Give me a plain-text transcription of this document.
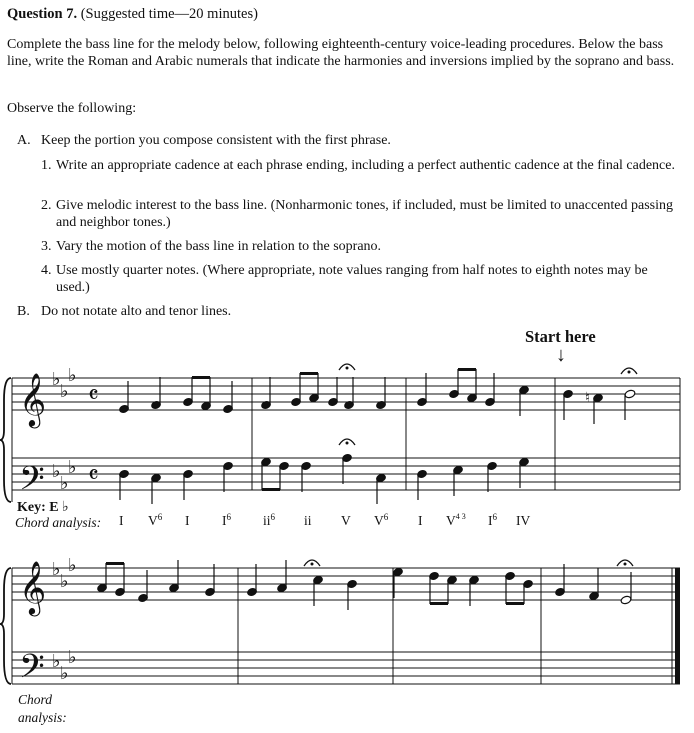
Question 7. (Suggested time—20 minutes)
Complete the bass line for the melody below, following eighteenth-century voice-leading procedures. Below the bass line, write the Roman and Arabic numerals that indicate the harmonies and inversions implied by the soprano and bass.
Observe the following:
A. Keep the portion you compose consistent with the first phrase.
1. Write an appropriate cadence at each phrase ending, including a perfect authentic cadence at the final cadence.
2. Give melodic interest to the bass line. (Nonharmonic tones, if included, must be limited to unaccented passing and neighbor tones.)
3. Vary the motion of the bass line in relation to the soprano.
4. Use mostly quarter notes. (Where appropriate, note values ranging from half notes to eighth notes may be used.)
B. Do not notate alto and tenor lines.
Start here
↓
𝄞
𝄢
𝄞
𝄢
♭
♭
♭
♭
♭
♭
♭
♭
♭
♭
♭
♭
𝄴
𝄴
♮
I $V^6$ I $I^6$ $ii^6$ ii V $V^6$ I $V^{4 3}$ $I^6$ IV
Key: E ♭
Chord analysis:
Chord
analysis:
